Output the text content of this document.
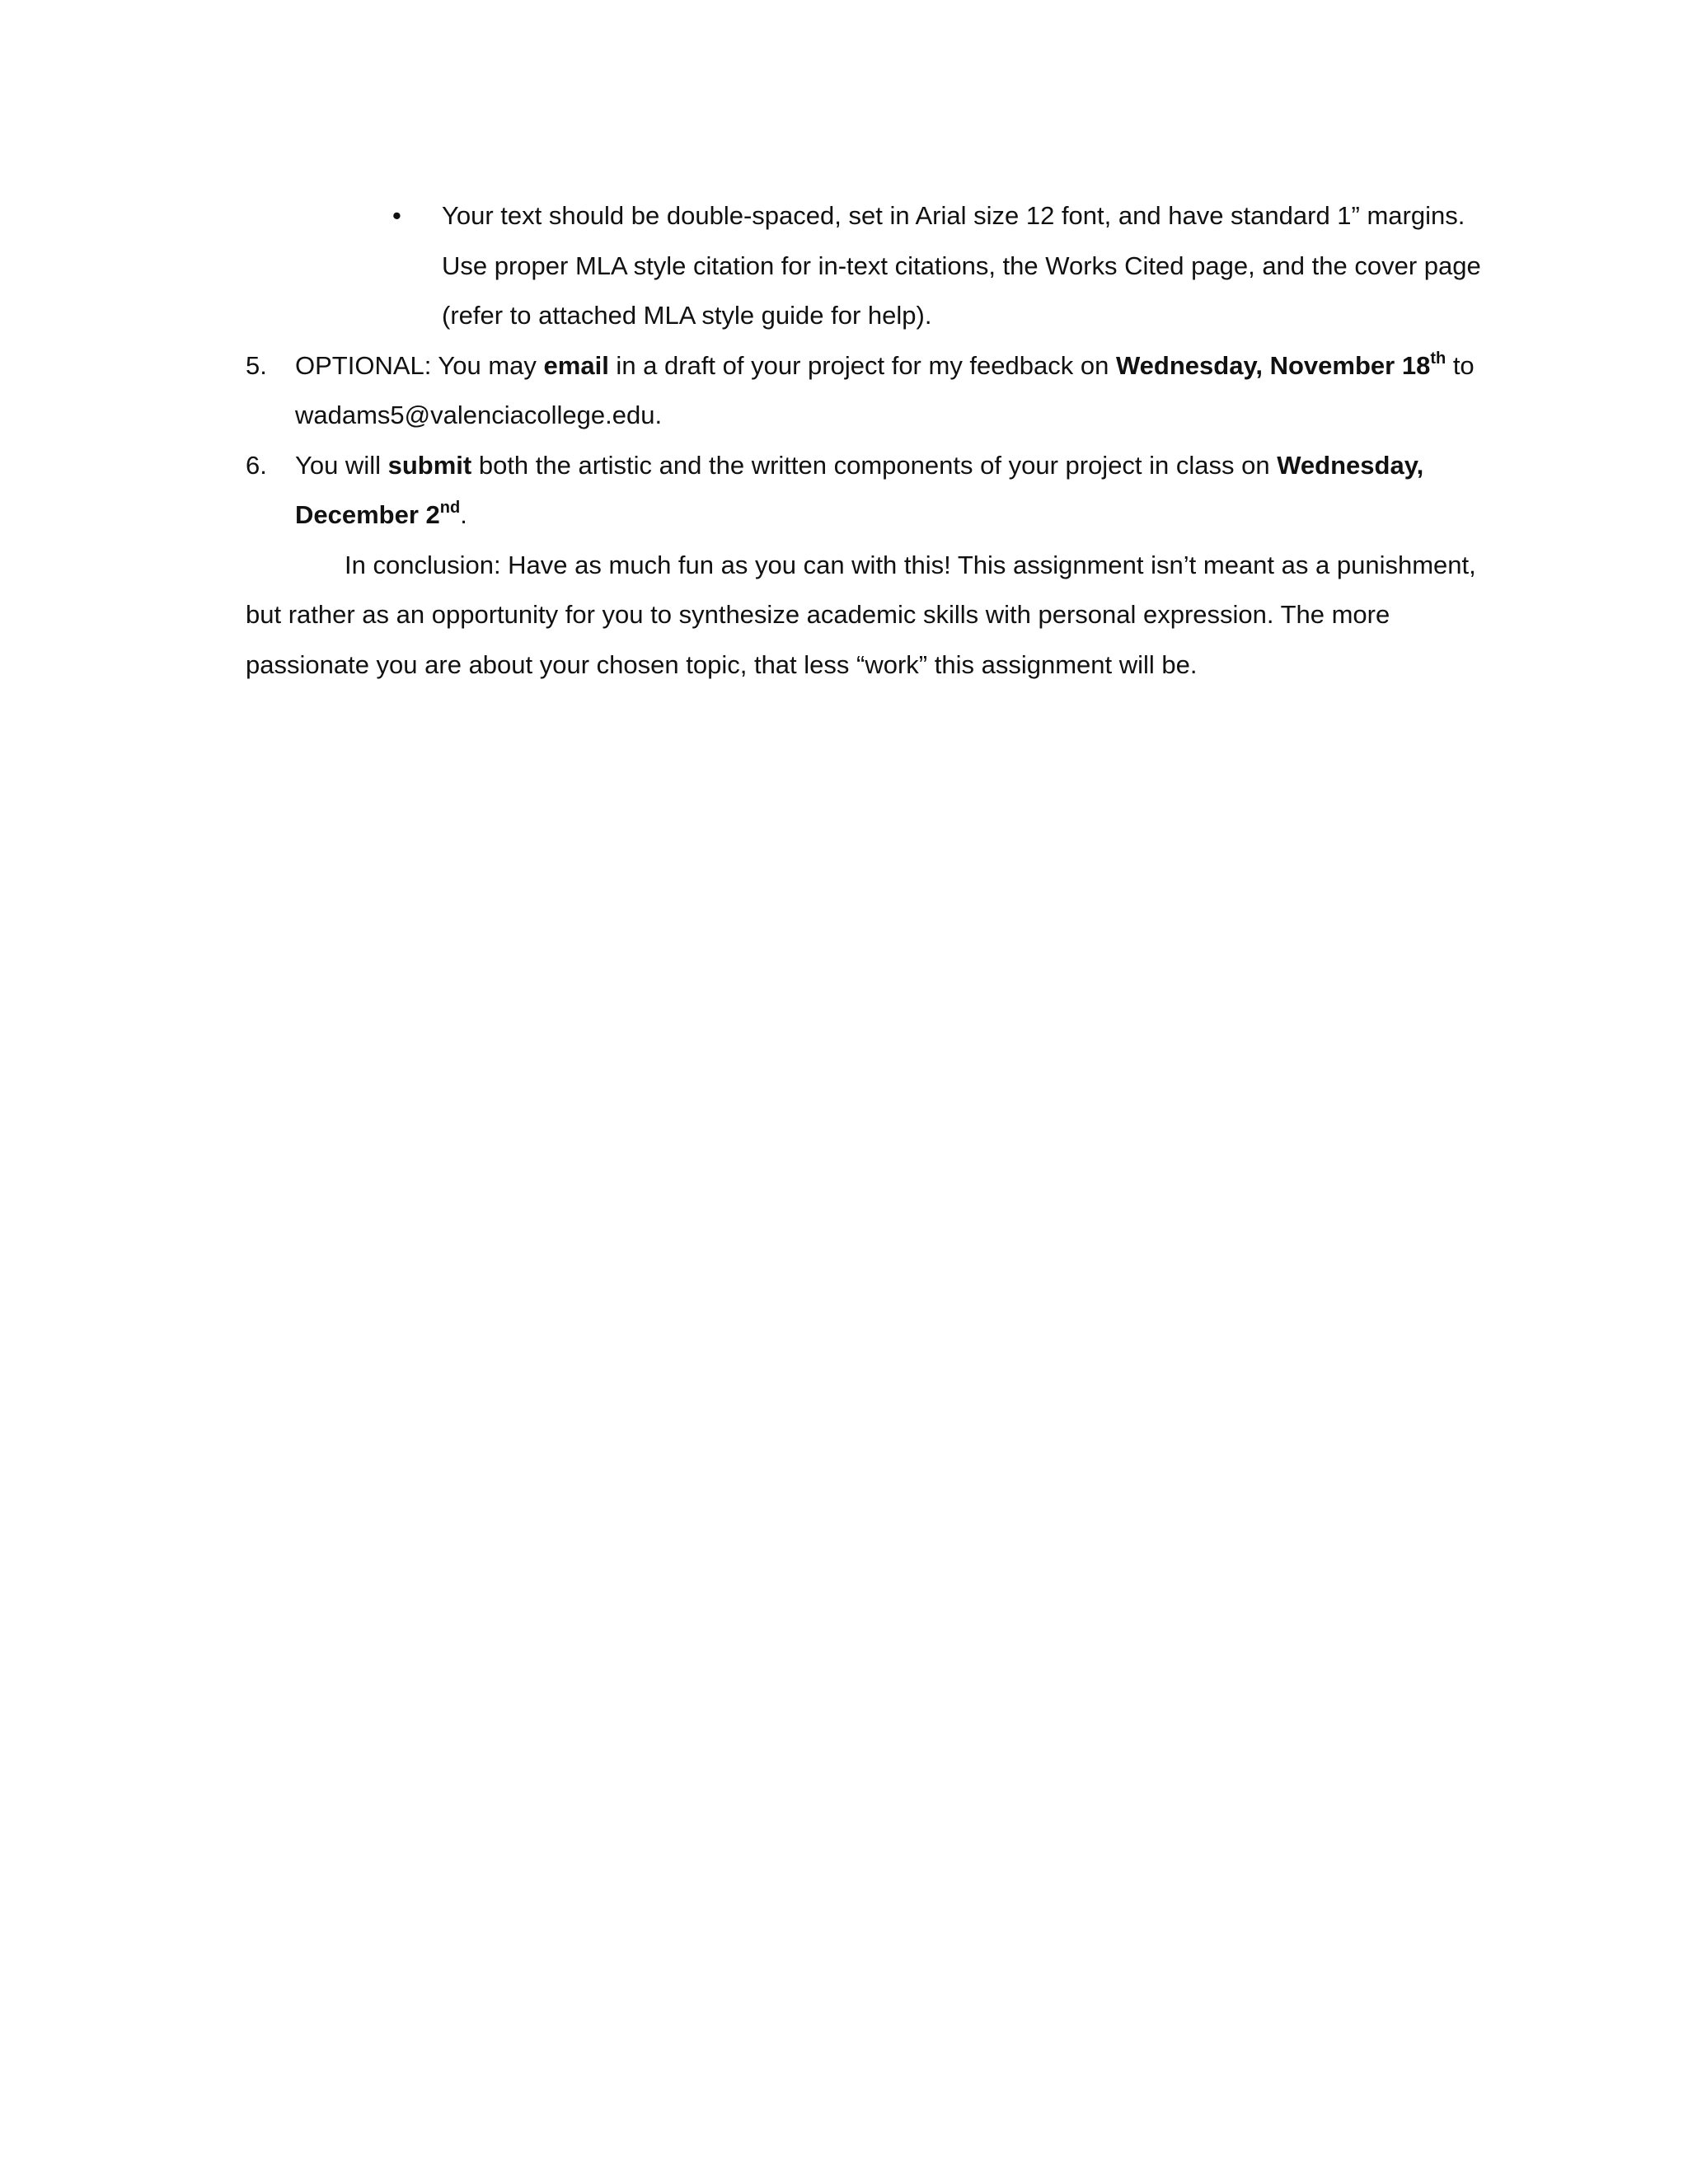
•	Your text should be double-spaced, set in Arial size 12 font, and have standard 1” margins. Use proper MLA style citation for in-text citations, the Works Cited page, and the cover page (refer to attached MLA style guide for help).
5.	OPTIONAL: You may email in a draft of your project for my feedback on Wednesday, November 18th to wadams5@valenciacollege.edu.
6.	You will submit both the artistic and the written components of your project in class on Wednesday, December 2nd.
In conclusion: Have as much fun as you can with this! This assignment isn’t meant as a punishment, but rather as an opportunity for you to synthesize academic skills with personal expression. The more passionate you are about your chosen topic, that less “work” this assignment will be.
